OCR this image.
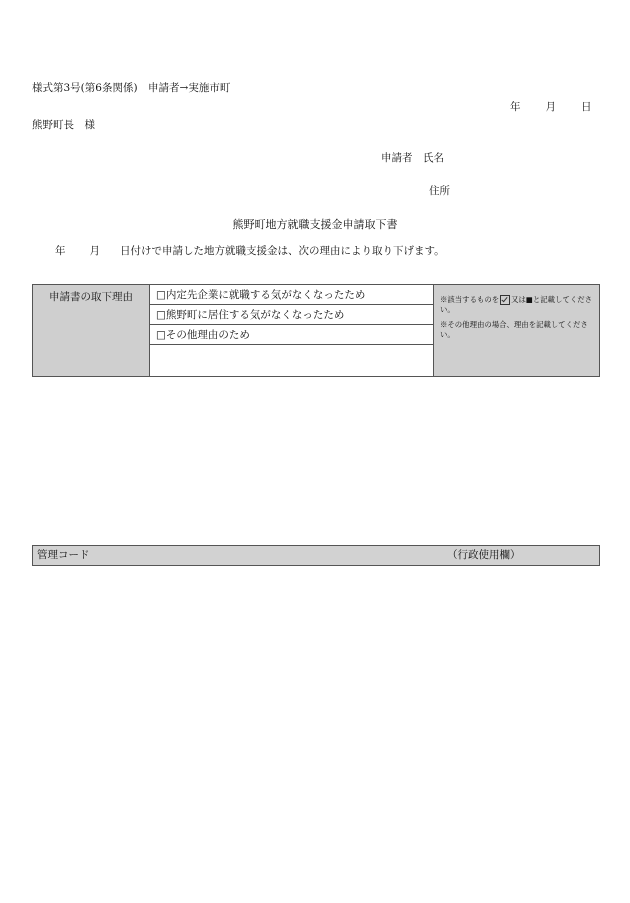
様式第3号(第6条関係)　申請者→実施市町
年 月 日
熊野町長　様
申請者　氏名
住所
熊野町地方就職支援金申請取下書
年 月 日付けで申請した地方就職支援金は、次の理由により取り下げます。
申請書の取下理由	□内定先企業に就職する気がなくなったため
□熊野町に居住する気がなくなったため
□その他理由のため

※該当するものを 又は■と記載してください。

※その他理由の場合、理由を記載してください。

管理コード	（行政使用欄）
